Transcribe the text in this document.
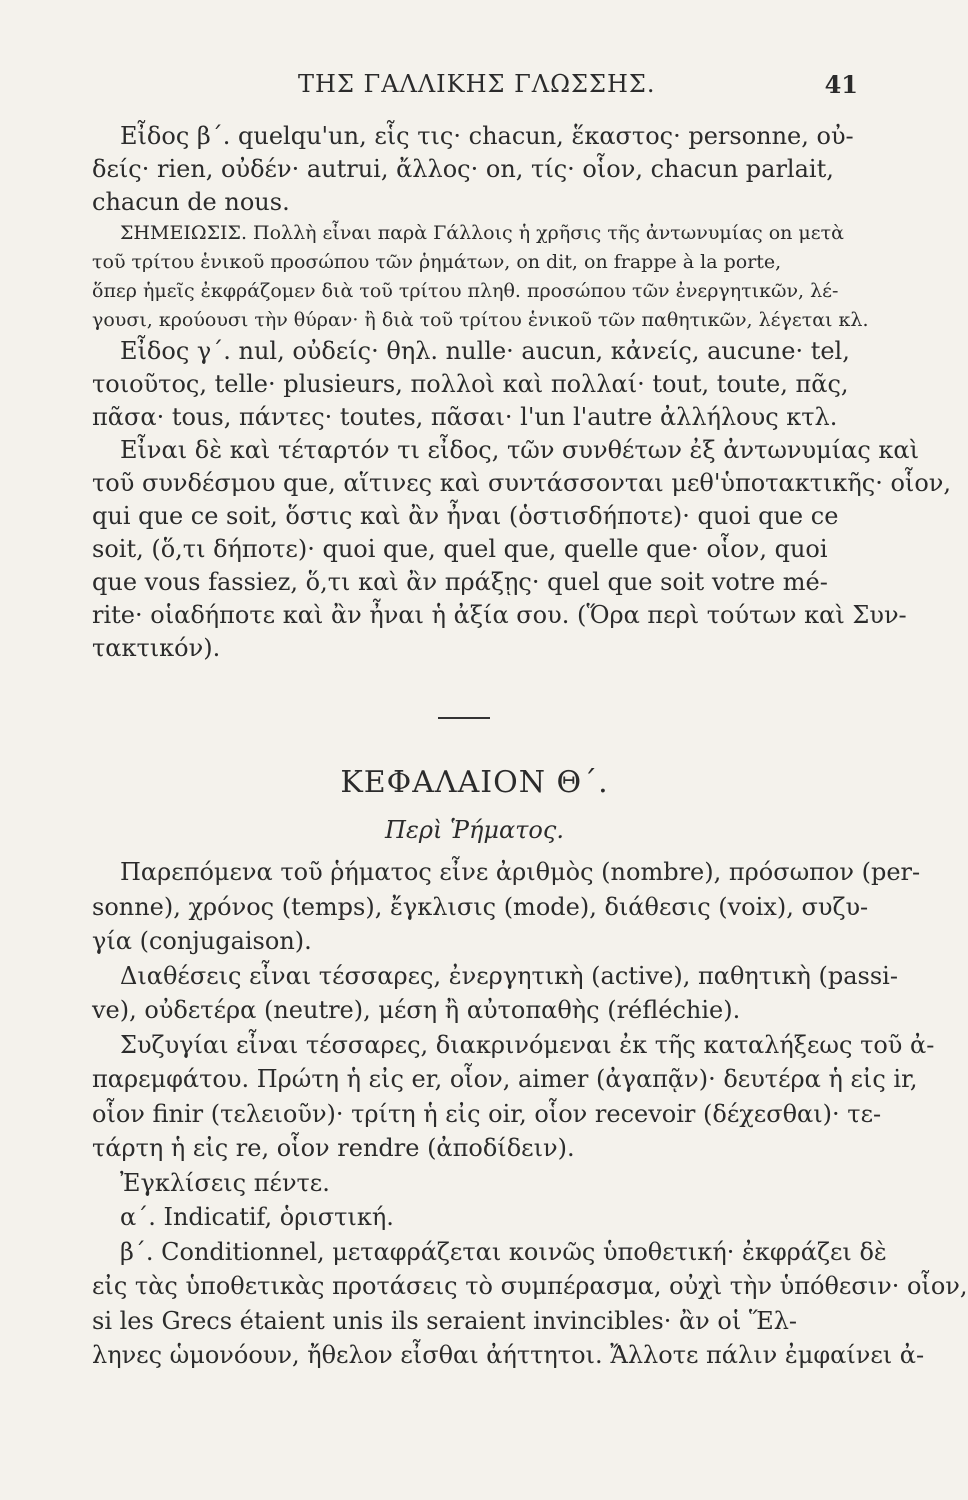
ΤΗΣ ΓΑΛΛΙΚΗΣ ΓΛΩΣΣΗΣ.	41
Εἶδος β΄. quelqu'un, εἷς τις· chacun, ἕκαστος· personne, οὐ-
δείς· rien, οὐδέν· autrui, ἄλλος· on, τίς· οἷον, chacun parlait,
chacun de nous.
ΣΗΜΕΙΩΣΙΣ. Πολλὴ εἶναι παρὰ Γάλλοις ἡ χρῆσις τῆς ἀντωνυμίας on μετὰ
τοῦ τρίτου ἑνικοῦ προσώπου τῶν ῥημάτων, on dit, on frappe à la porte,
ὅπερ ἡμεῖς ἐκφράζομεν διὰ τοῦ τρίτου πληθ. προσώπου τῶν ἐνεργητικῶν, λέ-
γουσι, κρούουσι τὴν θύραν· ἢ διὰ τοῦ τρίτου ἑνικοῦ τῶν παθητικῶν, λέγεται κλ.
Εἶδος γ΄. nul, οὐδείς· θηλ. nulle· aucun, κἀνείς, aucune· tel,
τοιοῦτος, telle· plusieurs, πολλοὶ καὶ πολλαί· tout, toute, πᾶς,
πᾶσα· tous, πάντες· toutes, πᾶσαι· l'un l'autre ἀλλήλους κτλ.
Εἶναι δὲ καὶ τέταρτόν τι εἶδος, τῶν συνθέτων ἐξ ἀντωνυμίας καὶ
τοῦ συνδέσμου que, αἵτινες καὶ συντάσσονται μεθ'ὑποτακτικῆς· οἷον,
qui que ce soit, ὅστις καὶ ἂν ἦναι (ὁστισδήποτε)· quoi que ce
soit, (ὅ,τι δήποτε)· quoi que, quel que, quelle que· οἷον, quoi
que vous fassiez, ὅ,τι καὶ ἂν πράξῃς· quel que soit votre mé-
rite· οἱαδήποτε καὶ ἂν ἦναι ἡ ἀξία σου. (Ὅρα περὶ τούτων καὶ Συν-
τακτικόν).
ΚΕΦΑΛΑΙΟΝ Θ΄.
Περὶ Ῥήματος.
Παρεπόμενα τοῦ ῥήματος εἶνε ἀριθμὸς (nombre), πρόσωπον (per-
sonne), χρόνος (temps), ἔγκλισις (mode), διάθεσις (voix), συζυ-
γία (conjugaison).
Διαθέσεις εἶναι τέσσαρες, ἐνεργητικὴ (active), παθητικὴ (passi-
ve), οὐδετέρα (neutre), μέση ἢ αὐτοπαθὴς (réfléchie).
Συζυγίαι εἶναι τέσσαρες, διακρινόμεναι ἐκ τῆς καταλήξεως τοῦ ἀ-
παρεμφάτου. Πρώτη ἡ εἰς er, οἷον, aimer (ἀγαπᾷν)· δευτέρα ἡ εἰς ir,
οἷον finir (τελειοῦν)· τρίτη ἡ εἰς oir, οἷον recevoir (δέχεσθαι)· τε-
τάρτη ἡ εἰς re, οἷον rendre (ἀποδίδειν).
Ἐγκλίσεις πέντε.
α΄. Indicatif, ὁριστική.
β΄. Conditionnel, μεταφράζεται κοινῶς ὑποθετική· ἐκφράζει δὲ
εἰς τὰς ὑποθετικὰς προτάσεις τὸ συμπέρασμα, οὐχὶ τὴν ὑπόθεσιν· οἷον,
si les Grecs étaient unis ils seraient invincibles· ἂν οἱ Ἕλ-
ληνες ὡμονόουν, ἤθελον εἶσθαι ἀήττητοι. Ἄλλοτε πάλιν ἐμφαίνει ἀ-
